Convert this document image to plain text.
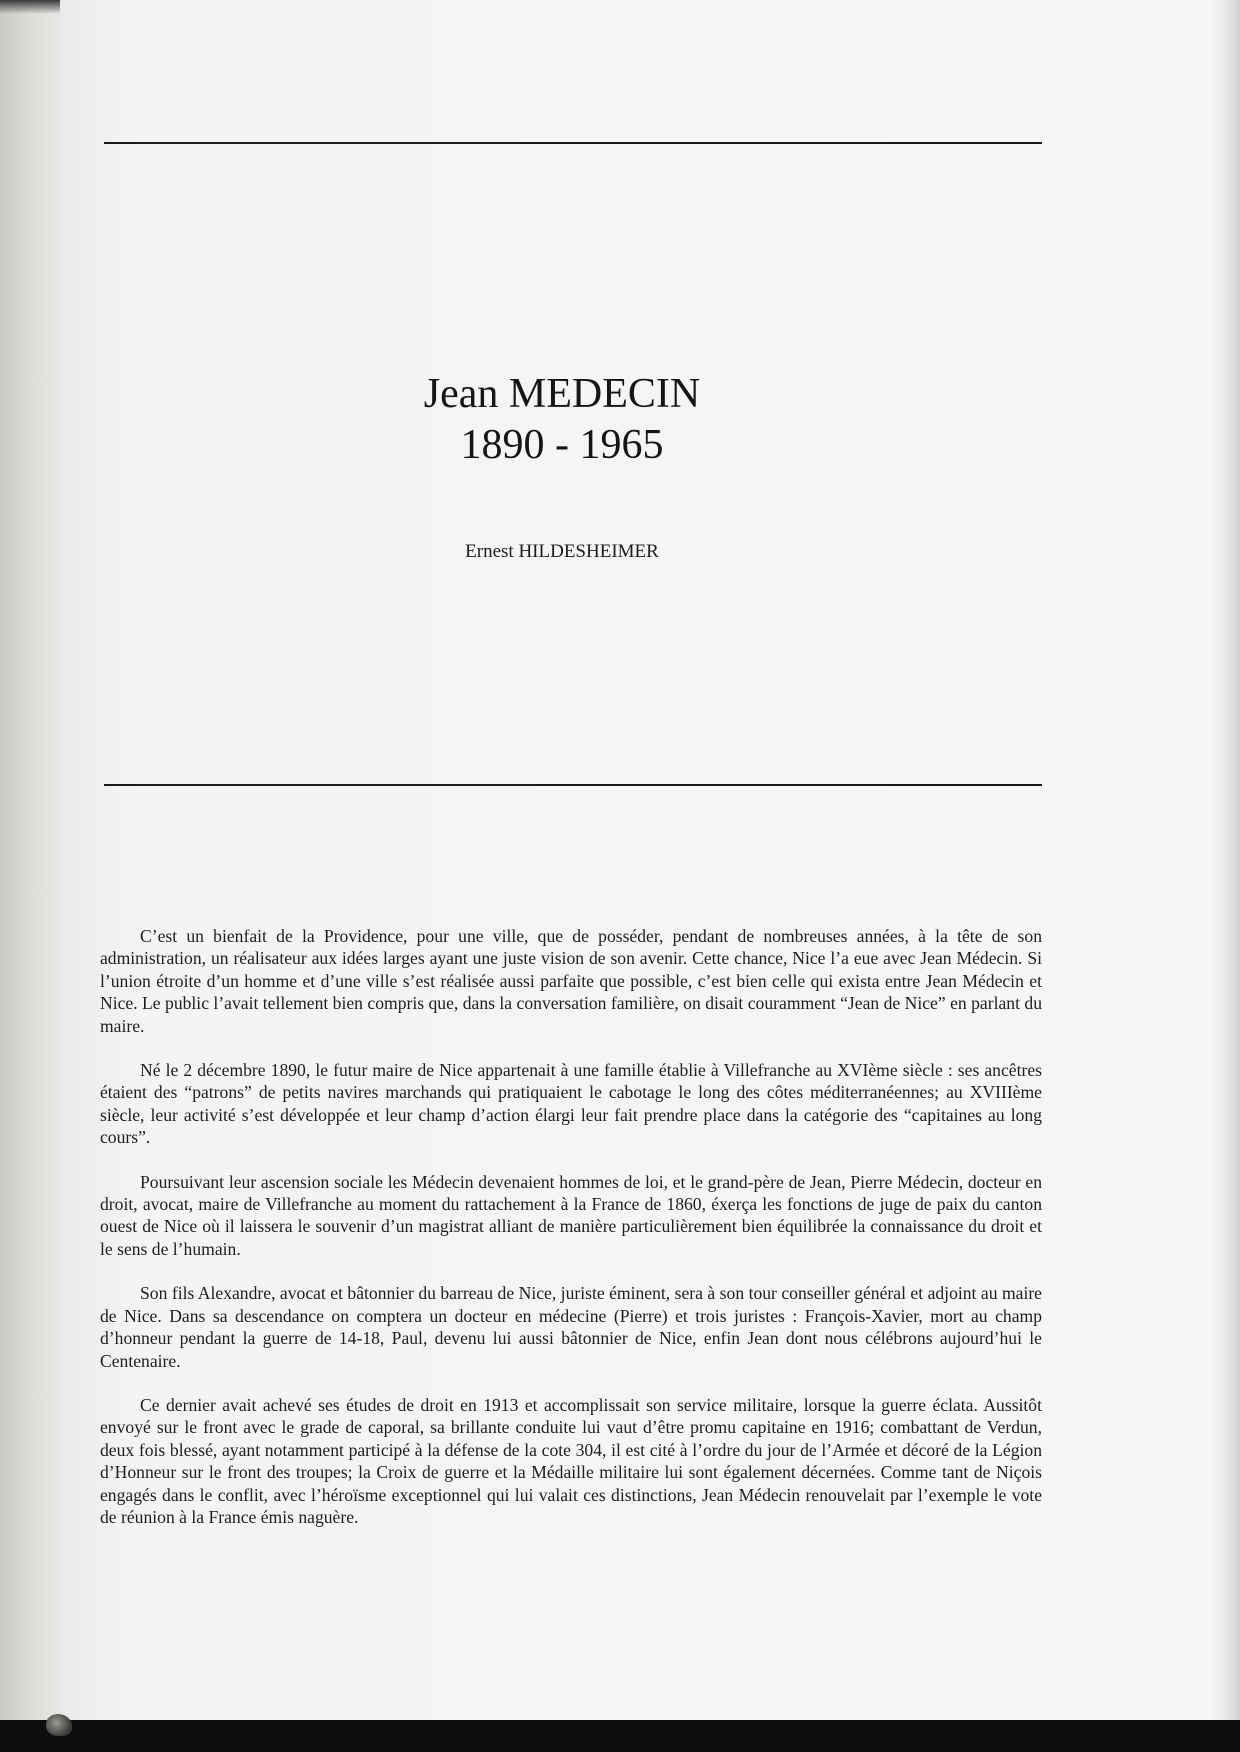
Jean MEDECIN
1890 - 1965
Ernest HILDESHEIMER

C’est un bienfait de la Providence, pour une ville, que de posséder, pendant de nombreuses années, à la tête de son administration, un réalisateur aux idées larges ayant une juste vision de son avenir. Cette chance, Nice l’a eue avec Jean Médecin. Si l’union étroite d’un homme et d’une ville s’est réalisée aussi parfaite que possible, c’est bien celle qui exista entre Jean Médecin et Nice. Le public l’avait tellement bien compris que, dans la conversation familière, on disait couramment “Jean de Nice” en parlant du maire.

Né le 2 décembre 1890, le futur maire de Nice appartenait à une famille établie à Villefranche au XVIème siècle : ses ancêtres étaient des “patrons” de petits navires marchands qui pratiquaient le cabotage le long des côtes méditerranéennes; au XVIIIème siècle, leur activité s’est développée et leur champ d’action élargi leur fait prendre place dans la catégorie des “capitaines au long cours”.

Poursuivant leur ascension sociale les Médecin devenaient hommes de loi, et le grand-père de Jean, Pierre Médecin, docteur en droit, avocat, maire de Villefranche au moment du rattachement à la France de 1860, éxerça les fonctions de juge de paix du canton ouest de Nice où il laissera le souvenir d’un magistrat alliant de manière particulièrement bien équilibrée la connaissance du droit et le sens de l’humain.

Son fils Alexandre, avocat et bâtonnier du barreau de Nice, juriste éminent, sera à son tour conseiller général et adjoint au maire de Nice. Dans sa descendance on comptera un docteur en médecine (Pierre) et trois juristes : François-Xavier, mort au champ d’honneur pendant la guerre de 14-18, Paul, devenu lui aussi bâtonnier de Nice, enfin Jean dont nous célébrons aujourd’hui le Centenaire.

Ce dernier avait achevé ses études de droit en 1913 et accomplissait son service militaire, lorsque la guerre éclata. Aussitôt envoyé sur le front avec le grade de caporal, sa brillante conduite lui vaut d’être promu capitaine en 1916; combattant de Verdun, deux fois blessé, ayant notamment participé à la défense de la cote 304, il est cité à l’ordre du jour de l’Armée et décoré de la Légion d’Honneur sur le front des troupes; la Croix de guerre et la Médaille militaire lui sont également décernées. Comme tant de Niçois engagés dans le conflit, avec l’héroïsme exceptionnel qui lui valait ces distinctions, Jean Médecin renouvelait par l’exemple le vote de réunion à la France émis naguère.
